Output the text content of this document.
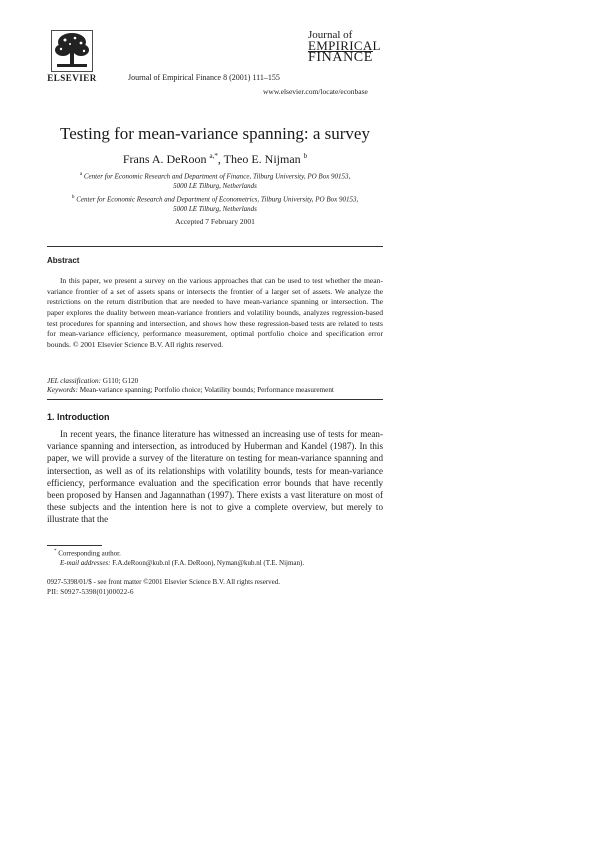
ELSEVIER	Journal of Empirical Finance 8 (2001) 111–155
Journal of
EMPIRICAL
FINANCE
www.elsevier.com/locate/econbase
Testing for mean-variance spanning: a survey
Frans A. DeRoon $^{a,*}$, Theo E. Nijman $^b$
$^a$ Center for Economic Research and Department of Finance, Tilburg University, PO Box 90153,
5000 LE Tilburg, Netherlands
$^b$ Center for Economic Research and Department of Econometrics, Tilburg University, PO Box 90153,
5000 LE Tilburg, Netherlands
Accepted 7 February 2001
Abstract

In this paper, we present a survey on the various approaches that can be used to test whether the mean-variance frontier of a set of assets spans or intersects the frontier of a larger set of assets. We analyze the restrictions on the return distribution that are needed to have mean-variance spanning or intersection. The paper explores the duality between mean-variance frontiers and volatility bounds, analyzes regression-based test procedures for spanning and intersection, and shows how these regression-based tests are related to tests for mean-variance efficiency, performance measurement, optimal portfolio choice and specification error bounds. © 2001 Elsevier Science B.V. All rights reserved.

JEL classification: G110; G120
Keywords: Mean-variance spanning; Portfolio choice; Volatility bounds; Performance measurement
1. Introduction

In recent years, the finance literature has witnessed an increasing use of tests for mean-variance spanning and intersection, as introduced by Huberman and Kandel (1987). In this paper, we will provide a survey of the literature on testing for mean-variance spanning and intersection, as well as of its relationships with volatility bounds, tests for mean-variance efficiency, performance evaluation and the specification error bounds that have recently been proposed by Hansen and Jagannathan (1997). There exists a vast literature on most of these subjects and the intention here is not to give a complete overview, but merely to illustrate that the

* Corresponding author.
E-mail addresses: F.A.deRoon@kub.nl (F.A. DeRoon), Nyman@kub.nl (T.E. Nijman).
0927-5398/01/$ - see front matter ©2001 Elsevier Science B.V. All rights reserved.
PII: S0927-5398(01)00022-6
